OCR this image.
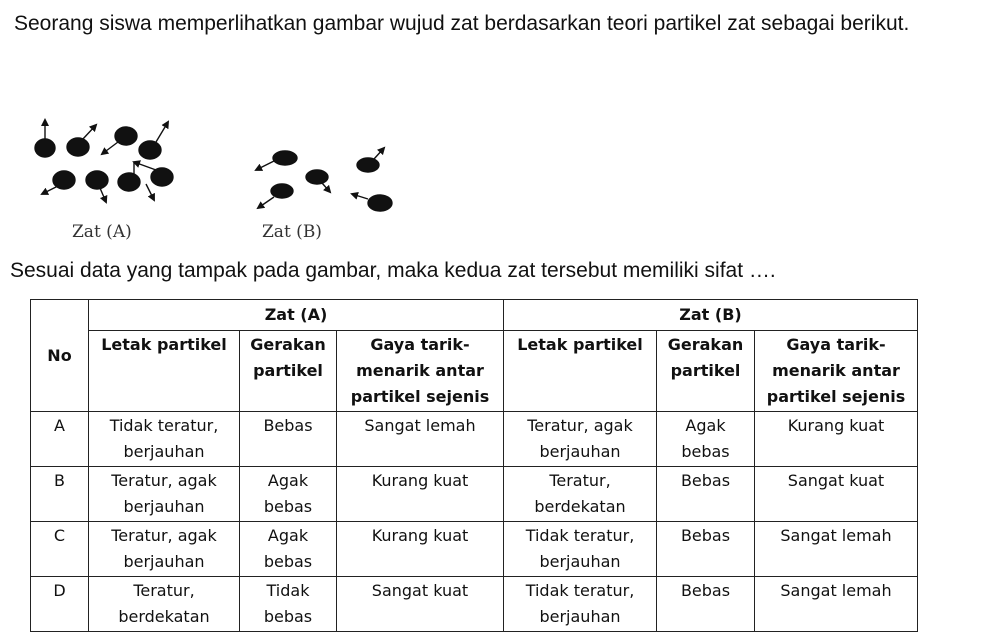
Seorang siswa memperlihatkan gambar wujud zat berdasarkan teori partikel zat sebagai berikut.
Zat (A)	Zat (B)
Sesuai data yang tampak pada gambar, maka kedua zat tersebut memiliki sifat ….
No	Zat (A)			Zat (B)		
	Letak partikel	Gerakan partikel	Gaya tarik-menarik antar partikel sejenis	Letak partikel	Gerakan partikel	Gaya tarik-menarik antar partikel sejenis
A	Tidak teratur, berjauhan	Bebas	Sangat lemah	Teratur, agak berjauhan	Agak bebas	Kurang kuat
B	Teratur, agak berjauhan	Agak bebas	Kurang kuat	Teratur, berdekatan	Bebas	Sangat kuat
C	Teratur, agak berjauhan	Agak bebas	Kurang kuat	Tidak teratur, berjauhan	Bebas	Sangat lemah
D	Teratur, berdekatan	Tidak bebas	Sangat kuat	Tidak teratur, berjauhan	Bebas	Sangat lemah
